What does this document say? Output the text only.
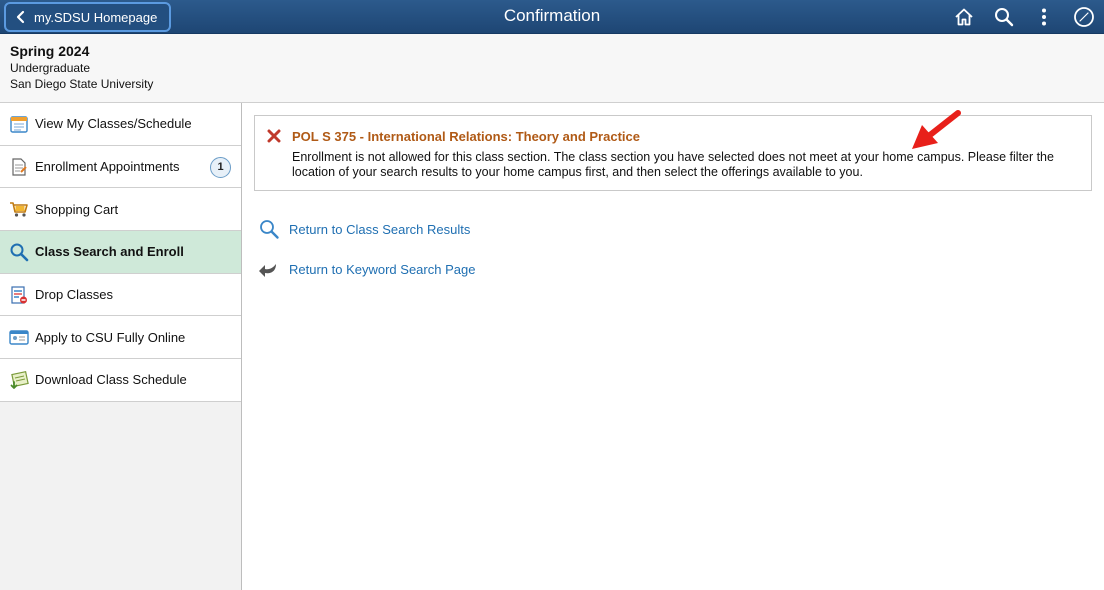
my.SDSU Homepage	Confirmation
Spring 2024
Undergraduate
San Diego State University
View My Classes/Schedule
Enrollment Appointments	1
Shopping Cart
Class Search and Enroll
Drop Classes
Apply to CSU Fully Online
Download Class Schedule
POL S 375 - International Relations: Theory and Practice
Enrollment is not allowed for this class section. The class section you have selected does not meet at your home campus. Please filter the location of your search results to your home campus first, and then select the offerings available to you.
Return to Class Search Results
Return to Keyword Search Page
